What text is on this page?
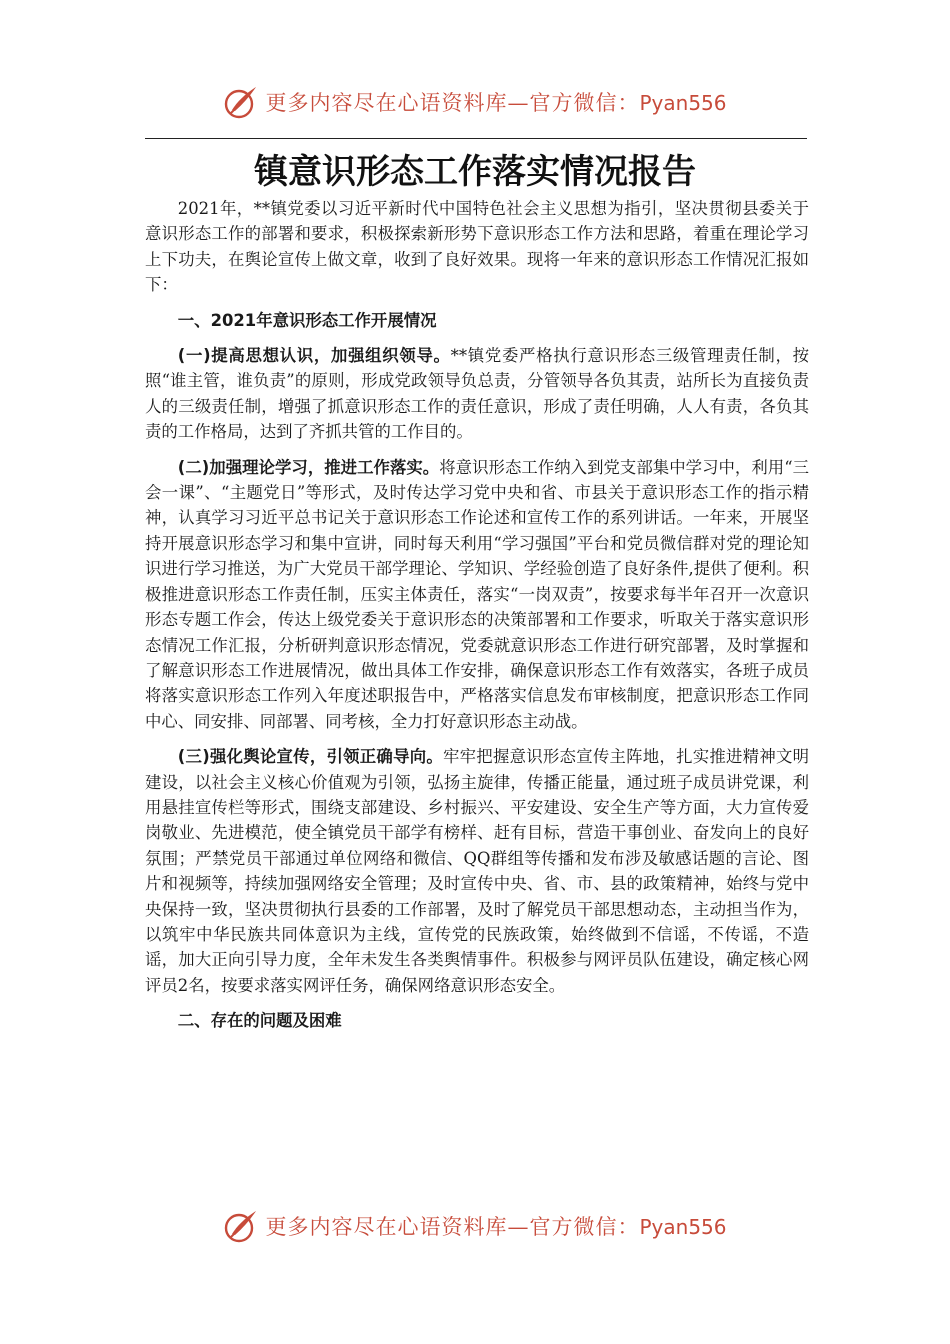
更多内容尽在心语资料库—官方微信：Pyan556
镇意识形态工作落实情况报告

2021年，**镇党委以习近平新时代中国特色社会主义思想为指引，坚决贯彻县委关于意识形态工作的部署和要求，积极探索新形势下意识形态工作方法和思路，着重在理论学习上下功夫，在舆论宣传上做文章，收到了良好效果。现将一年来的意识形态工作情况汇报如下：

一、2021年意识形态工作开展情况

(一)提高思想认识，加强组织领导。**镇党委严格执行意识形态三级管理责任制，按照“谁主管，谁负责”的原则，形成党政领导负总责，分管领导各负其责，站所长为直接负责人的三级责任制，增强了抓意识形态工作的责任意识，形成了责任明确，人人有责，各负其责的工作格局，达到了齐抓共管的工作目的。

(二)加强理论学习，推进工作落实。将意识形态工作纳入到党支部集中学习中，利用“三会一课”、“主题党日”等形式，及时传达学习党中央和省、市县关于意识形态工作的指示精神，认真学习习近平总书记关于意识形态工作论述和宣传工作的系列讲话。一年来，开展坚持开展意识形态学习和集中宣讲，同时每天利用“学习强国”平台和党员微信群对党的理论知识进行学习推送，为广大党员干部学理论、学知识、学经验创造了良好条件,提供了便利。积极推进意识形态工作责任制，压实主体责任，落实“一岗双责”，按要求每半年召开一次意识形态专题工作会，传达上级党委关于意识形态的决策部署和工作要求，听取关于落实意识形态情况工作汇报，分析研判意识形态情况，党委就意识形态工作进行研究部署，及时掌握和了解意识形态工作进展情况，做出具体工作安排，确保意识形态工作有效落实，各班子成员将落实意识形态工作列入年度述职报告中，严格落实信息发布审核制度，把意识形态工作同中心、同安排、同部署、同考核，全力打好意识形态主动战。

(三)强化舆论宣传，引领正确导向。牢牢把握意识形态宣传主阵地，扎实推进精神文明建设，以社会主义核心价值观为引领，弘扬主旋律，传播正能量，通过班子成员讲党课，利用悬挂宣传栏等形式，围绕支部建设、乡村振兴、平安建设、安全生产等方面，大力宣传爱岗敬业、先进模范，使全镇党员干部学有榜样、赶有目标，营造干事创业、奋发向上的良好氛围；严禁党员干部通过单位网络和微信、QQ群组等传播和发布涉及敏感话题的言论、图片和视频等，持续加强网络安全管理；及时宣传中央、省、市、县的政策精神，始终与党中央保持一致，坚决贯彻执行县委的工作部署，及时了解党员干部思想动态，主动担当作为，以筑牢中华民族共同体意识为主线，宣传党的民族政策，始终做到不信谣，不传谣，不造谣，加大正向引导力度，全年未发生各类舆情事件。积极参与网评员队伍建设，确定核心网评员2名，按要求落实网评任务，确保网络意识形态安全。

二、存在的问题及困难

更多内容尽在心语资料库—官方微信：Pyan556
